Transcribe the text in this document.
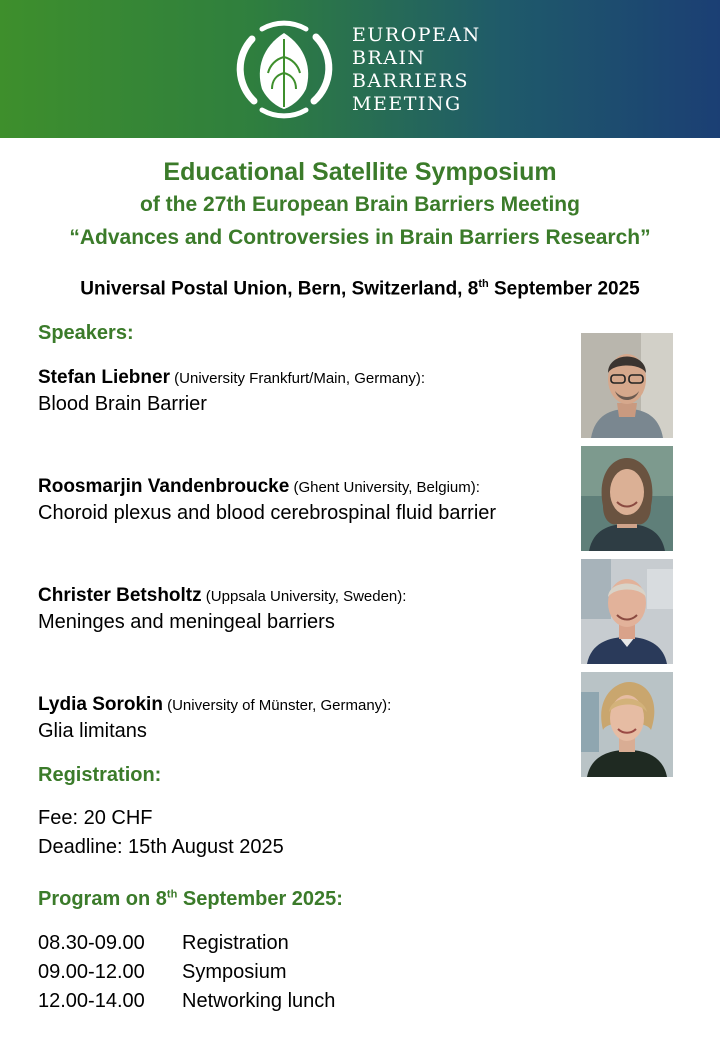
EUROPEAN
BRAIN
BARRIERS
MEETING
Educational Satellite Symposium
of the 27th European Brain Barriers Meeting
“Advances and Controversies in Brain Barriers Research”
Universal Postal Union, Bern, Switzerland, 8th September 2025
Speakers:
Stefan Liebner (University Frankfurt/Main, Germany):
Blood Brain Barrier
Roosmarjin Vandenbroucke (Ghent University, Belgium):
Choroid plexus and blood cerebrospinal fluid barrier
Christer Betsholtz (Uppsala University, Sweden):
Meninges and meningeal barriers
Lydia Sorokin (University of Münster, Germany):
Glia limitans
Registration:
Fee: 20 CHF
Deadline: 15th August 2025
Program on 8th September 2025:
08.30-09.00 Registration
09.00-12.00 Symposium
12.00-14.00 Networking lunch
